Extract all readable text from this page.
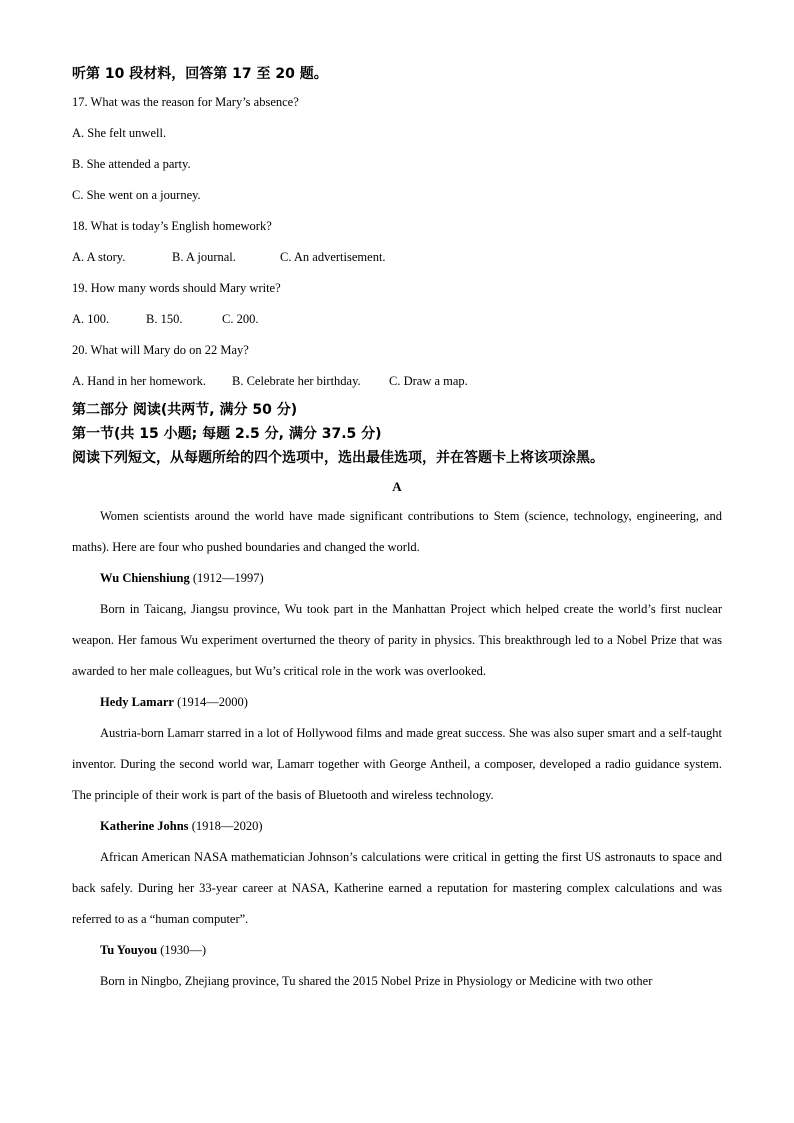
听第 10 段材料，回答第 17 至 20 题。
17. What was the reason for Mary’s absence?
A. She felt unwell.
B. She attended a party.
C. She went on a journey.
18. What is today’s English homework?
A. A story.	B. A journal.	C. An advertisement.
19. How many words should Mary write?
A. 100.	B. 150.	C. 200.
20. What will Mary do on 22 May?
A. Hand in her homework.	B. Celebrate her birthday.	C. Draw a map.
第二部分 阅读(共两节, 满分 50 分)
第一节(共 15 小题; 每题 2.5 分, 满分 37.5 分)
阅读下列短文，从每题所给的四个选项中，选出最佳选项，并在答题卡上将该项涂黑。
A

Women scientists around the world have made significant contributions to Stem (science, technology, engineering, and maths). Here are four who pushed boundaries and changed the world.

Wu Chienshiung (1912—1997)

Born in Taicang, Jiangsu province, Wu took part in the Manhattan Project which helped create the world’s first nuclear weapon. Her famous Wu experiment overturned the theory of parity in physics. This breakthrough led to a Nobel Prize that was awarded to her male colleagues, but Wu’s critical role in the work was overlooked.

Hedy Lamarr (1914—2000)

Austria-born Lamarr starred in a lot of Hollywood films and made great success. She was also super smart and a self-taught inventor. During the second world war, Lamarr together with George Antheil, a composer, developed a radio guidance system. The principle of their work is part of the basis of Bluetooth and wireless technology.

Katherine Johns (1918—2020)

African American NASA mathematician Johnson’s calculations were critical in getting the first US astronauts to space and back safely. During her 33-year career at NASA, Katherine earned a reputation for mastering complex calculations and was referred to as a “human computer”.

Tu Youyou (1930—)

Born in Ningbo, Zhejiang province, Tu shared the 2015 Nobel Prize in Physiology or Medicine with two other
